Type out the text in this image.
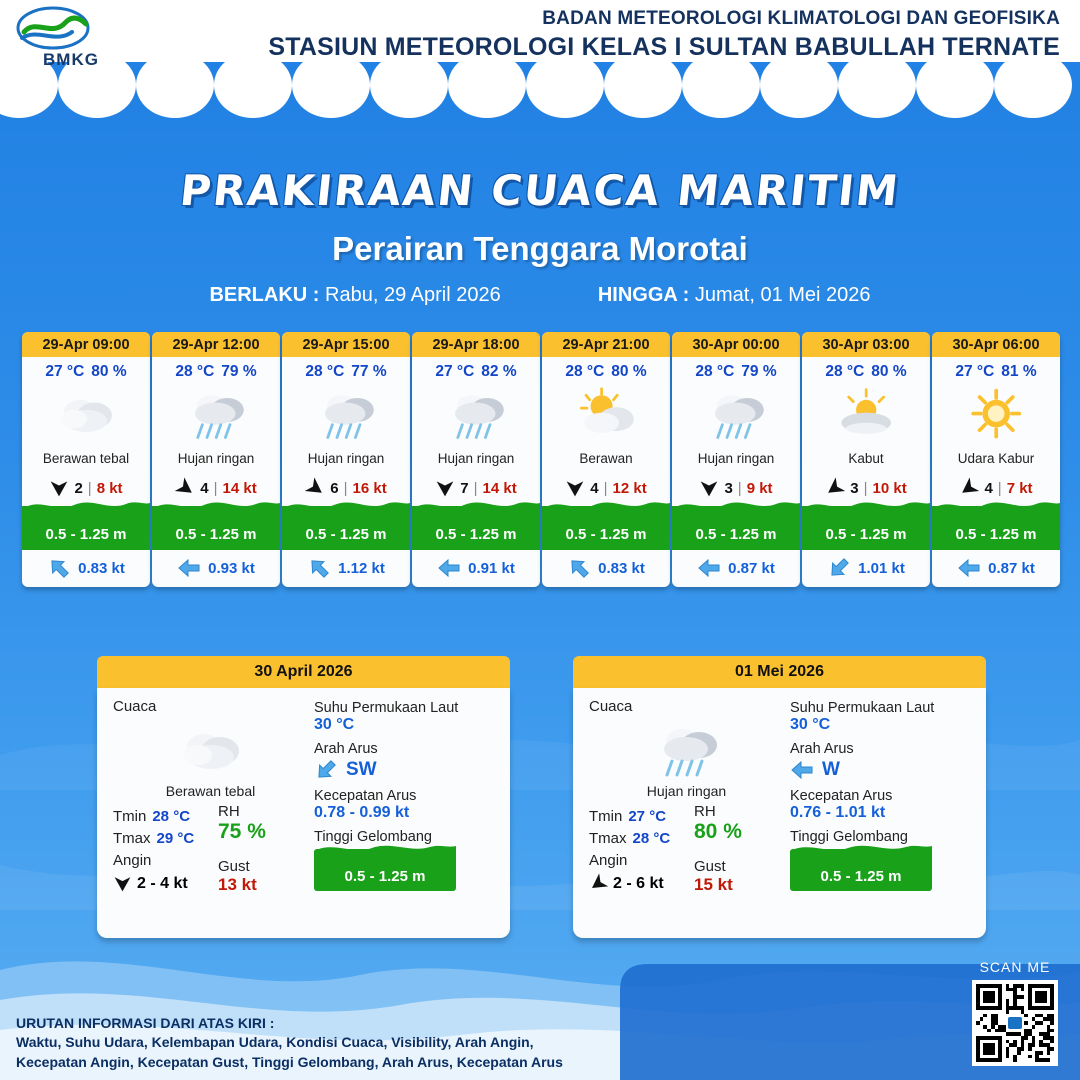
BMKG
BADAN METEOROLOGI KLIMATOLOGI DAN GEOFISIKA
STASIUN METEOROLOGI KELAS I SULTAN BABULLAH TERNATE
PRAKIRAAN CUACA MARITIM
Perairan Tenggara Morotai
BERLAKU : Rabu, 29 April 2026	HINGGA : Jumat, 01 Mei 2026
29-Apr 09:00
27 °C 80 %
Berawan tebal
2 | 8 kt
0.5 - 1.25 m
0.83 kt
29-Apr 12:00
28 °C 79 %
Hujan ringan
4 | 14 kt
0.5 - 1.25 m
0.93 kt
29-Apr 15:00
28 °C 77 %
Hujan ringan
6 | 16 kt
0.5 - 1.25 m
1.12 kt
29-Apr 18:00
27 °C 82 %
Hujan ringan
7 | 14 kt
0.5 - 1.25 m
0.91 kt
29-Apr 21:00
28 °C 80 %
Berawan
4 | 12 kt
0.5 - 1.25 m
0.83 kt
30-Apr 00:00
28 °C 79 %
Hujan ringan
3 | 9 kt
0.5 - 1.25 m
0.87 kt
30-Apr 03:00
28 °C 80 %
Kabut
3 | 10 kt
0.5 - 1.25 m
1.01 kt
30-Apr 06:00
27 °C 81 %
Udara Kabur
4 | 7 kt
0.5 - 1.25 m
0.87 kt
30 April 2026
Cuaca
Berawan tebal
Tmin 28 °C
Tmax 29 °C
Angin
2 - 4 kt
RH
75 %
Gust
13 kt
Suhu Permukaan Laut
30 °C
Arah Arus
SW
Kecepatan Arus
0.78 - 0.99 kt
Tinggi Gelombang
0.5 - 1.25 m
01 Mei 2026
Cuaca
Hujan ringan
Tmin 27 °C
Tmax 28 °C
Angin
2 - 6 kt
RH
80 %
Gust
15 kt
Suhu Permukaan Laut
30 °C
Arah Arus
W
Kecepatan Arus
0.76 - 1.01 kt
Tinggi Gelombang
0.5 - 1.25 m
URUTAN INFORMASI DARI ATAS KIRI :
Waktu, Suhu Udara, Kelembapan Udara, Kondisi Cuaca, Visibility, Arah Angin,
Kecepatan Angin, Kecepatan Gust, Tinggi Gelombang, Arah Arus, Kecepatan Arus
SCAN ME
